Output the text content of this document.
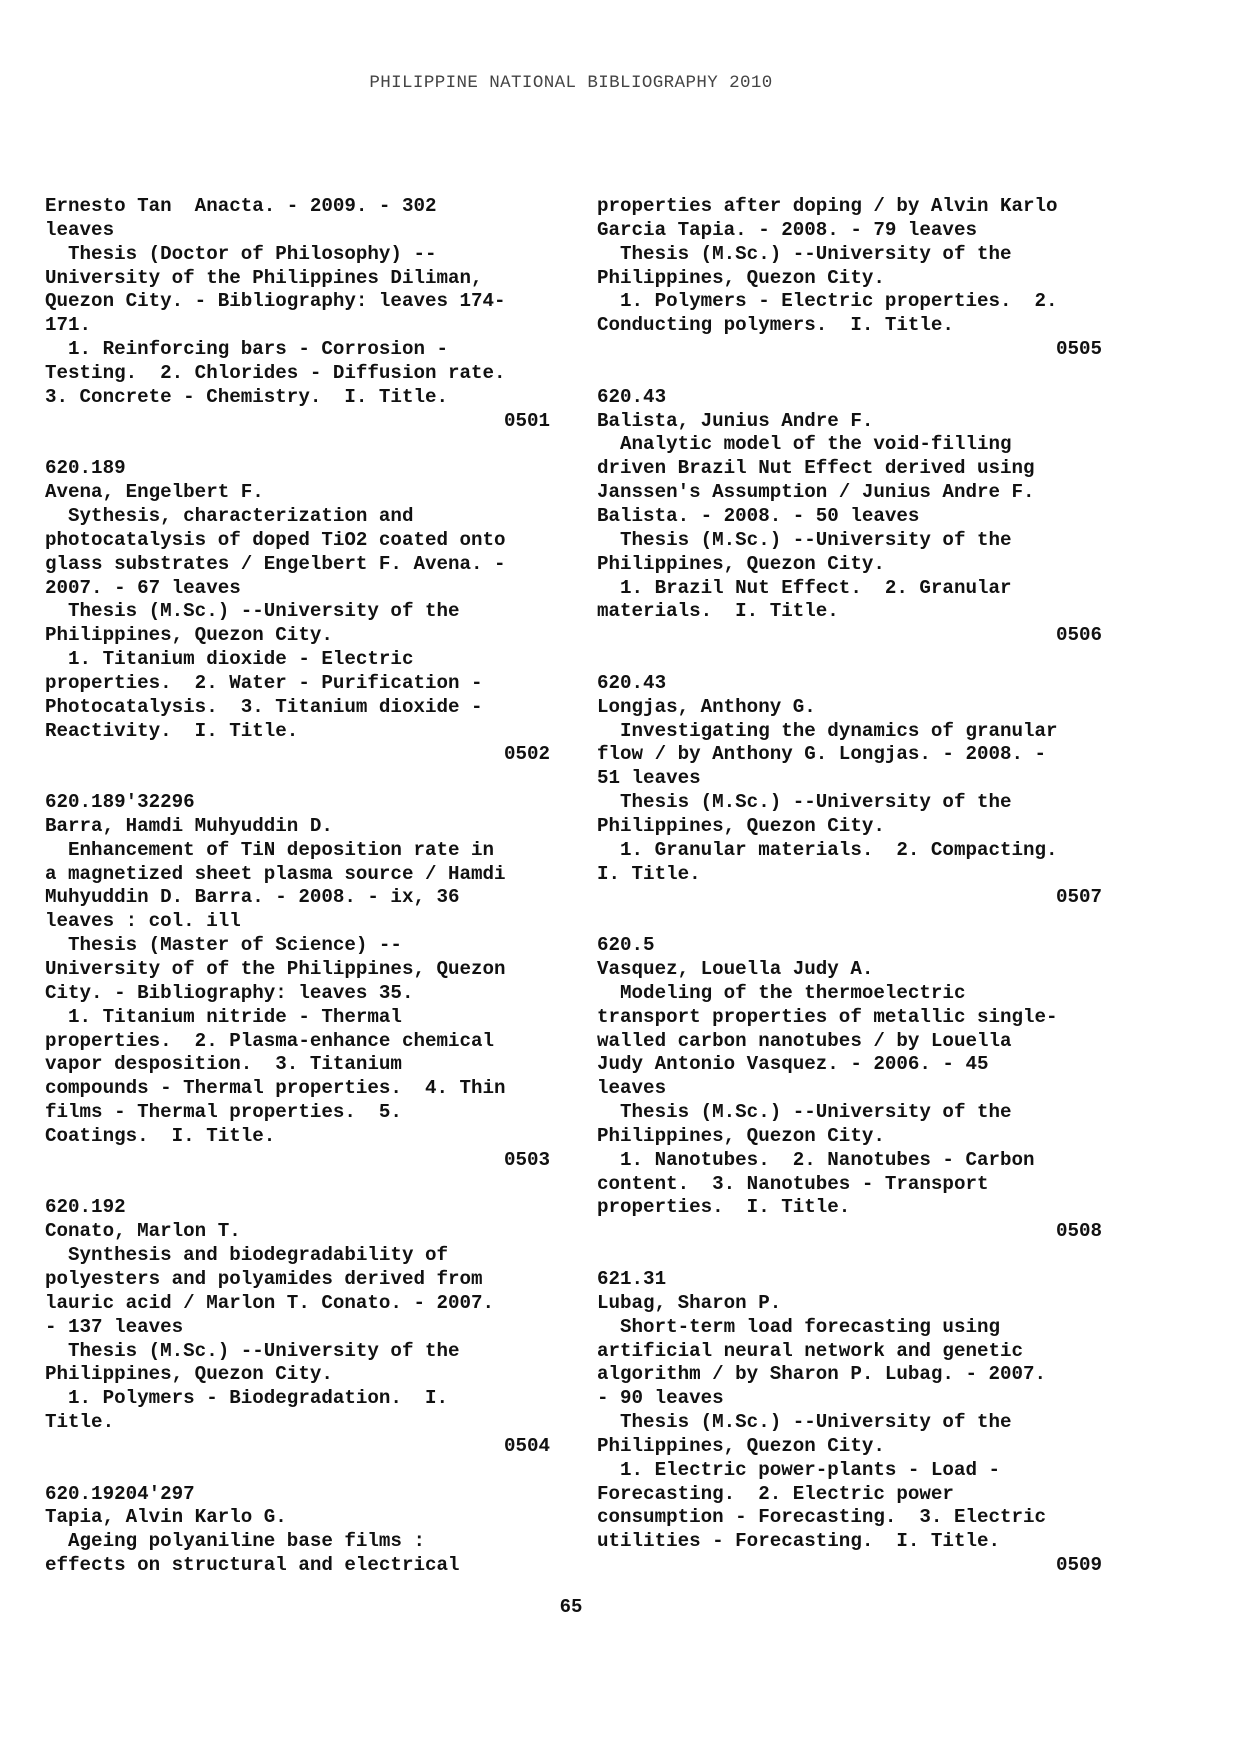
PHILIPPINE NATIONAL BIBLIOGRAPHY 2010
Ernesto Tan  Anacta. - 2009. - 302
leaves
Thesis (Doctor of Philosophy) --
University of the Philippines Diliman,
Quezon City. - Bibliography: leaves 174-
171.
1. Reinforcing bars - Corrosion -
Testing.  2. Chlorides - Diffusion rate.
3. Concrete - Chemistry.  I. Title.
0501
620.189
Avena, Engelbert F.
Sythesis, characterization and
photocatalysis of doped TiO2 coated onto
glass substrates / Engelbert F. Avena. -
2007. - 67 leaves
Thesis (M.Sc.) --University of the
Philippines, Quezon City.
1. Titanium dioxide - Electric
properties.  2. Water - Purification -
Photocatalysis.  3. Titanium dioxide -
Reactivity.  I. Title.
0502
620.189'32296
Barra, Hamdi Muhyuddin D.
Enhancement of TiN deposition rate in
a magnetized sheet plasma source / Hamdi
Muhyuddin D. Barra. - 2008. - ix, 36
leaves : col. ill
Thesis (Master of Science) --
University of of the Philippines, Quezon
City. - Bibliography: leaves 35.
1. Titanium nitride - Thermal
properties.  2. Plasma-enhance chemical
vapor desposition.  3. Titanium
compounds - Thermal properties.  4. Thin
films - Thermal properties.  5.
Coatings.  I. Title.
0503
620.192
Conato, Marlon T.
Synthesis and biodegradability of
polyesters and polyamides derived from
lauric acid / Marlon T. Conato. - 2007.
- 137 leaves
Thesis (M.Sc.) --University of the
Philippines, Quezon City.
1. Polymers - Biodegradation.  I.
Title.
0504
620.19204'297
Tapia, Alvin Karlo G.
Ageing polyaniline base films :
effects on structural and electrical
properties after doping / by Alvin Karlo
Garcia Tapia. - 2008. - 79 leaves
Thesis (M.Sc.) --University of the
Philippines, Quezon City.
1. Polymers - Electric properties.  2.
Conducting polymers.  I. Title.
0505
620.43
Balista, Junius Andre F.
Analytic model of the void-filling
driven Brazil Nut Effect derived using
Janssen's Assumption / Junius Andre F.
Balista. - 2008. - 50 leaves
Thesis (M.Sc.) --University of the
Philippines, Quezon City.
1. Brazil Nut Effect.  2. Granular
materials.  I. Title.
0506
620.43
Longjas, Anthony G.
Investigating the dynamics of granular
flow / by Anthony G. Longjas. - 2008. -
51 leaves
Thesis (M.Sc.) --University of the
Philippines, Quezon City.
1. Granular materials.  2. Compacting.
I. Title.
0507
620.5
Vasquez, Louella Judy A.
Modeling of the thermoelectric
transport properties of metallic single-
walled carbon nanotubes / by Louella
Judy Antonio Vasquez. - 2006. - 45
leaves
Thesis (M.Sc.) --University of the
Philippines, Quezon City.
1. Nanotubes.  2. Nanotubes - Carbon
content.  3. Nanotubes - Transport
properties.  I. Title.
0508
621.31
Lubag, Sharon P.
Short-term load forecasting using
artificial neural network and genetic
algorithm / by Sharon P. Lubag. - 2007.
- 90 leaves
Thesis (M.Sc.) --University of the
Philippines, Quezon City.
1. Electric power-plants - Load -
Forecasting.  2. Electric power
consumption - Forecasting.  3. Electric
utilities - Forecasting.  I. Title.
0509
65
